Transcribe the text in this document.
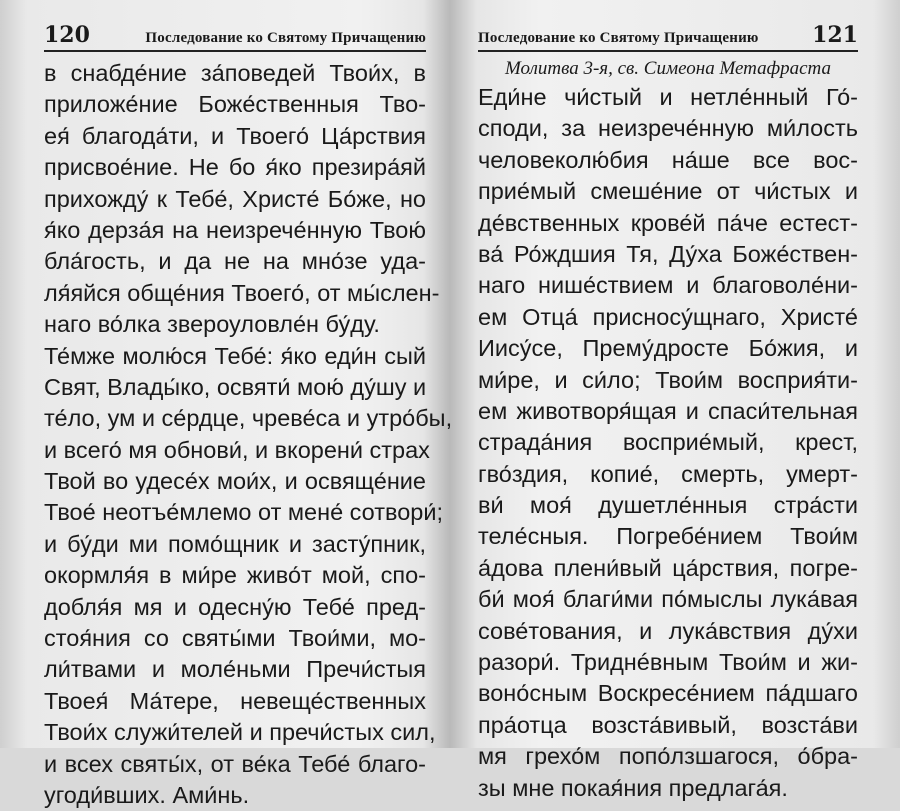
120	Последование ко Святому Причащению
в снабде́ние за́поведей Твои́х, в
приложе́ние Боже́ственныя Тво-
ея́ благода́ти, и Твоего́ Ца́рствия
присвое́ние. Не бо я́ко презира́яй
прихожду́ к Тебе́, Христе́ Бо́же, но
я́ко дерза́я на неизрече́нную Твою́
бла́гость, и да не на мно́зе уда-
ля́яйся обще́ния Твоего́, от мы́слен-
наго во́лка звероуловле́н бу́ду.
Те́мже молю́ся Тебе́: я́ко еди́н сый
Свят, Влады́ко, освяти́ мою́ ду́шу и
те́ло, ум и се́рдце, чреве́са и утро́бы,
и всего́ мя обнови́, и вкорени́ страх
Твой во удесе́х мои́х, и освяще́ние
Твое́ неотъе́млемо от мене́ сотвори́;
и бу́ди ми помо́щник и засту́пник,
окормля́я в ми́ре живо́т мой, спо-
добля́я мя и одесну́ю Тебе́ пред-
стоя́ния со святы́ми Твои́ми, мо-
ли́твами и моле́ньми Пречи́стыя
Твоея́ Ма́тере, невеще́ственных
Твои́х служи́телей и пречи́стых сил,
и всех святы́х, от ве́ка Тебе́ благо-
угоди́вших. Ами́нь.
Последование ко Святому Причащению 121
Молитва 3-я, св. Симеона Метафраста
Еди́не чи́стый и нетле́нный Го́-
споди, за неизрече́нную ми́лость
человеколю́бия на́ше все вос-
прие́мый смеше́ние от чи́стых и
де́вственных крове́й па́че естест-
ва́ Ро́ждшия Тя, Ду́ха Боже́ствен-
наго нише́ствием и благоволе́ни-
ем Отца́ присносу́щнаго, Христе́
Иису́се, Прему́дросте Бо́жия, и
ми́ре, и си́ло; Твои́м восприя́ти-
ем животворя́щая и спаси́тельная
страда́ния восприе́мый, крест,
гво́здия, копие́, смерть, умерт-
ви́ моя́ душетле́нныя стра́сти
теле́сныя. Погребе́нием Твои́м
а́дова плени́вый ца́рствия, погре-
би́ моя́ благи́ми по́мыслы лука́вая
сове́тования, и лука́вствия ду́хи
разори́. Триднéвным Твои́м и жи-
воно́сным Воскресе́нием па́дшаго
пра́отца возста́вивый, возста́ви
мя грехо́м попо́лзшагося, о́бра-
зы мне покая́ния предлага́я.
